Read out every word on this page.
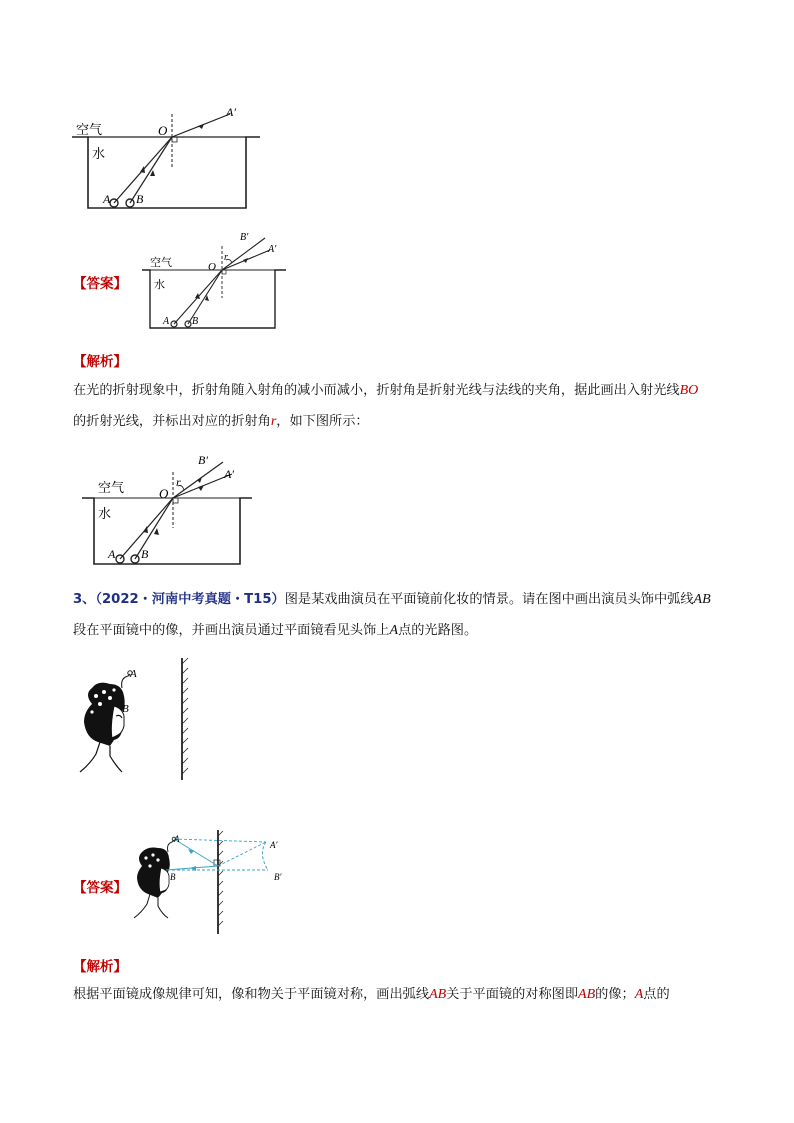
空气
水
O
A′
A B
【答案】
空气
水
O
r
A′
B′
A B
【解析】
在光的折射现象中，折射角随入射角的减小而减小，折射角是折射光线与法线的夹角，据此画出入射光线BO
的折射光线，并标出对应的折射角r，如下图所示：
空气
水
O
r
A′
B′
A B
3、（2022・河南中考真题・T15）图是某戏曲演员在平面镜前化妆的情景。请在图中画出演员头饰中弧线AB
段在平面镜中的像，并画出演员通过平面镜看见头饰上A点的光路图。
A
B
【答案】
A
B
A′
B′
【解析】
根据平面镜成像规律可知，像和物关于平面镜对称，画出弧线AB关于平面镜的对称图即AB的像；A点的
